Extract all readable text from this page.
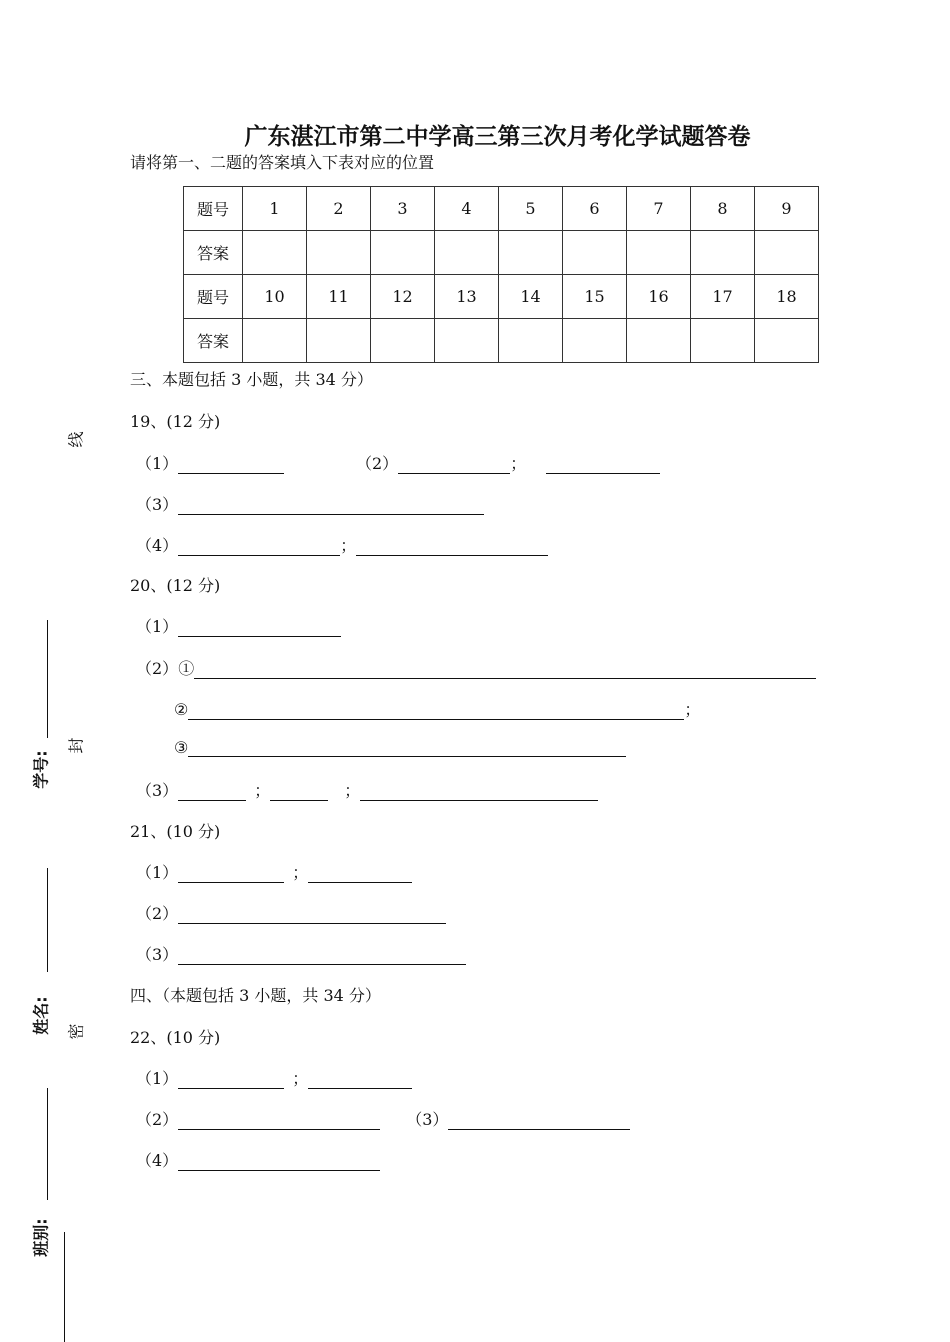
广东湛江市第二中学高三第三次月考化学试题答卷
请将第一、二题的答案填入下表对应的位置
题号	1	2	3	4	5	6	7	8	9
答案									
题号	10	11	12	13	14	15	16	17	18
答案									
三、本题包括 3 小题，共 34 分）
19、(12 分)
（1）	（2）	；
（3）
（4）	；
20、(12 分)
（1）
（2）①
②	；
③
（3）	；	；
21、(10 分)
（1）	；
（2）
（3）
四、（本题包括 3 小题，共 34 分）
22、(10 分)
（1）	；
（2）	（3）
（4）
线
封
密
学号:
姓名:
班别:
